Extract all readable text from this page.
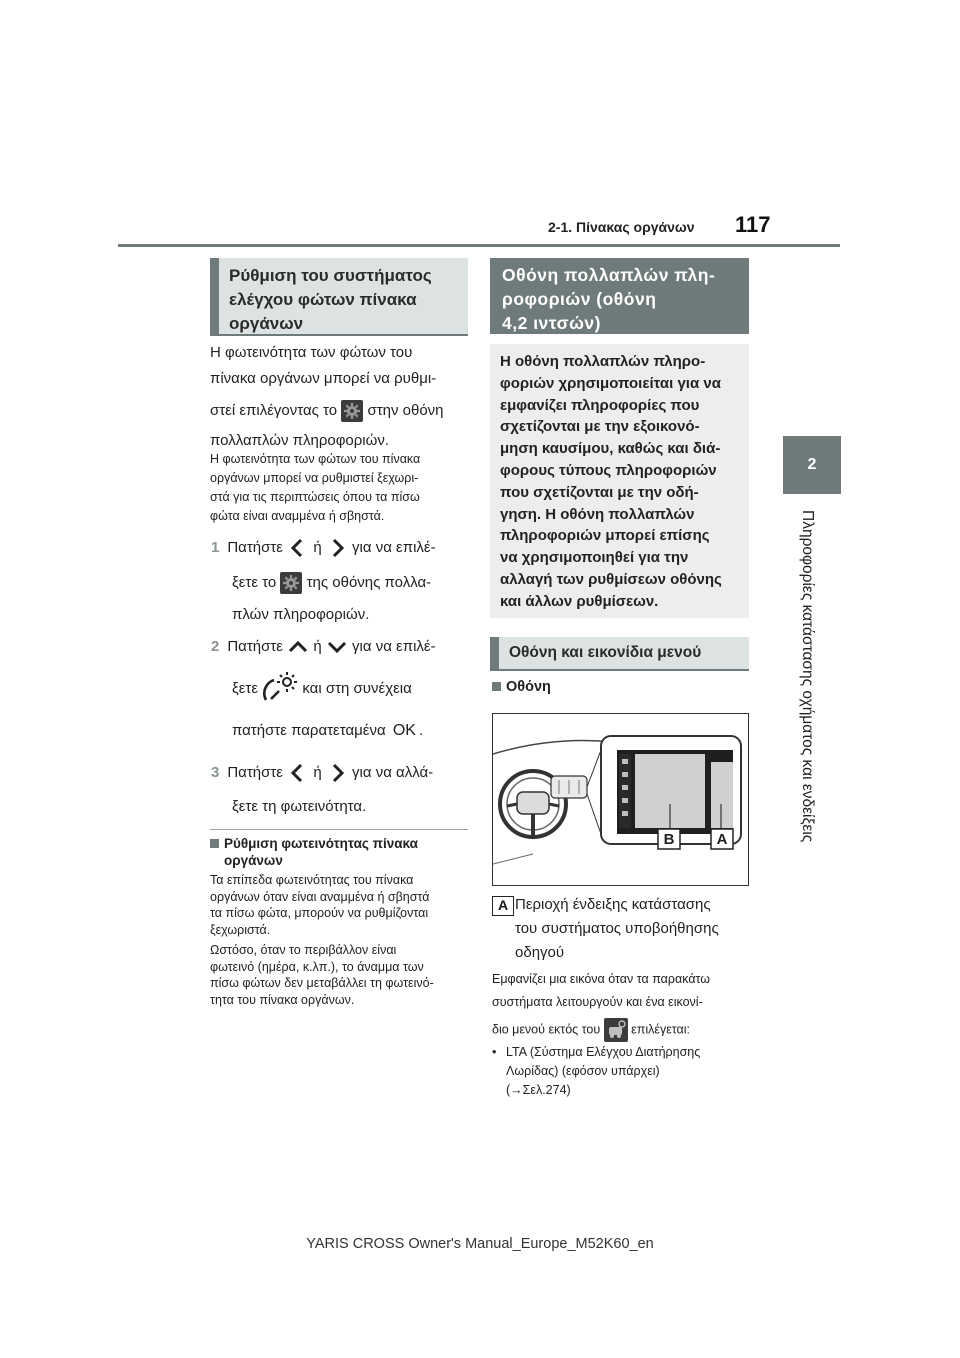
2-1. Πίνακας οργάνων 117
2
Πληροφορίες κατάστασης οχήματος και ενδείξεις
Ρύθμιση του συστήματος
ελέγχου φώτων πίνακα
οργάνων
Η φωτεινότητα των φώτων του
πίνακα οργάνων μπορεί να ρυθμι-
στεί επιλέγοντας το στην οθόνη
πολλαπλών πληροφοριών.
Η φωτεινότητα των φώτων του πίνακα
οργάνων μπορεί να ρυθμιστεί ξεχωρι-
στά για τις περιπτώσεις όπου τα πίσω
φώτα είναι αναμμένα ή σβηστά.
1 Πατήστε ή για να επιλέ-
ξετε το της οθόνης πολλα-
πλών πληροφοριών.
2 Πατήστε ή για να επιλέ-
ξετε	και στη συνέχεια
πατήστε παρατεταμένα OK .
3 Πατήστε ή για να αλλά-
ξετε τη φωτεινότητα.
Ρύθμιση φωτεινότητας πίνακα
οργάνων
Τα επίπεδα φωτεινότητας του πίνακα
οργάνων όταν είναι αναμμένα ή σβηστά
τα πίσω φώτα, μπορούν να ρυθμίζονται
ξεχωριστά.
Ωστόσο, όταν το περιβάλλον είναι
φωτεινό (ημέρα, κ.λπ.), το άναμμα των
πίσω φώτων δεν μεταβάλλει τη φωτεινό-
τητα του πίνακα οργάνων.
Οθόνη πολλαπλών πλη-
ροφοριών (οθόνη
4,2 ιντσών)
Η οθόνη πολλαπλών πληρο-
φοριών χρησιμοποιείται για να
εμφανίζει πληροφορίες που
σχετίζονται με την εξοικονό-
μηση καυσίμου, καθώς και διά-
φορους τύπους πληροφοριών
που σχετίζονται με την οδή-
γηση. Η οθόνη πολλαπλών
πληροφοριών μπορεί επίσης
να χρησιμοποιηθεί για την
αλλαγή των ρυθμίσεων οθόνης
και άλλων ρυθμίσεων.
Οθόνη και εικονίδια μενού
Οθόνη
B	A
A Περιοχή ένδειξης κατάστασης
του συστήματος υποβοήθησης
οδηγού
Εμφανίζει μια εικόνα όταν τα παρακάτω
συστήματα λειτουργούν και ένα εικονί-
διο μενού εκτός του επιλέγεται:
• LTA (Σύστημα Ελέγχου Διατήρησης
Λωρίδας) (εφόσον υπάρχει)
(→Σελ.274)
YARIS CROSS Owner's Manual_Europe_M52K60_en
